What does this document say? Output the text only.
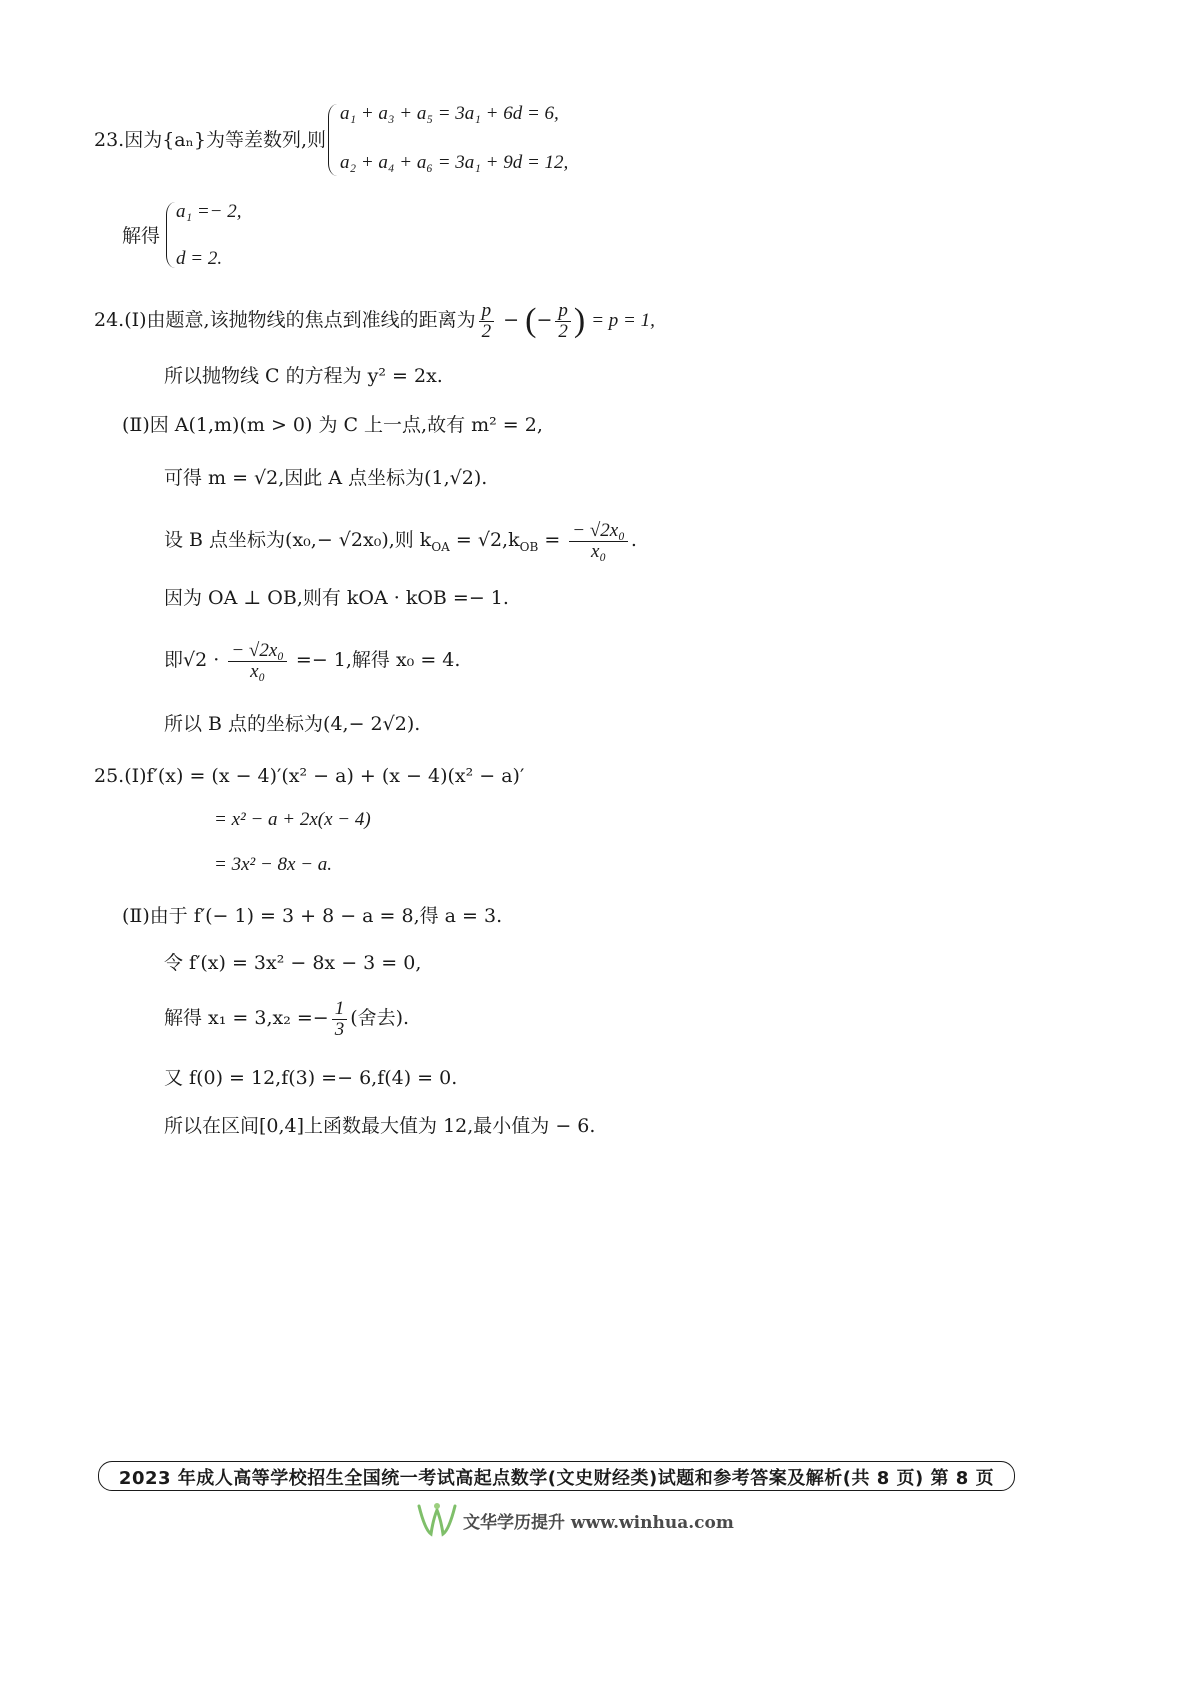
23.因为{aₙ}为等差数列,则
a₁ + a₃ + a₅ = 3a₁ + 6d = 6,
a₂ + a₄ + a₆ = 3a₁ + 9d = 12,
解得
a₁ =− 2,
d = 2.
24.(Ⅰ)由题意,该抛物线的焦点到准线的距离为 $\frac{p}{2}$ − (− $\frac{p}{2}$ ) = p = 1,
所以抛物线 C 的方程为 y² = 2x.
(Ⅱ)因 A(1,m)(m > 0) 为 C 上一点,故有 m² = 2,
可得 m = √2,因此 A 点坐标为(1,√2).
设 B 点坐标为(x₀,− √2x₀),则 $k_{OA} = √2,k_{OB} = \frac{\text{− √2x₀}}{\text{x₀}}$ .
因为 OA ⊥ OB,则有 kOA · kOB =− 1.
即$√2 \cdot \frac{\text{− √2x₀}}{\text{x₀}} =- 1$,解得 x₀ = 4.
所以 B 点的坐标为(4,− 2√2).
25.(Ⅰ)f′(x) = (x − 4)′(x² − a) + (x − 4)(x² − a)′
= x² − a + 2x(x − 4)
= 3x² − 8x − a.
(Ⅱ)由于 f′(− 1) = 3 + 8 − a = 8,得 a = 3.
令 f′(x) = 3x² − 8x − 3 = 0,
解得 $x_1 = 3,x_2 =- \frac{1}{3}$ (舍去).
又 f(0) = 12,f(3) =− 6,f(4) = 0.
所以在区间[0,4]上函数最大值为 12,最小值为 − 6.
2023 年成人高等学校招生全国统一考试高起点数学(文史财经类)试题和参考答案及解析(共 8 页) 第 8 页
文华学历提升 www.winhua.com
